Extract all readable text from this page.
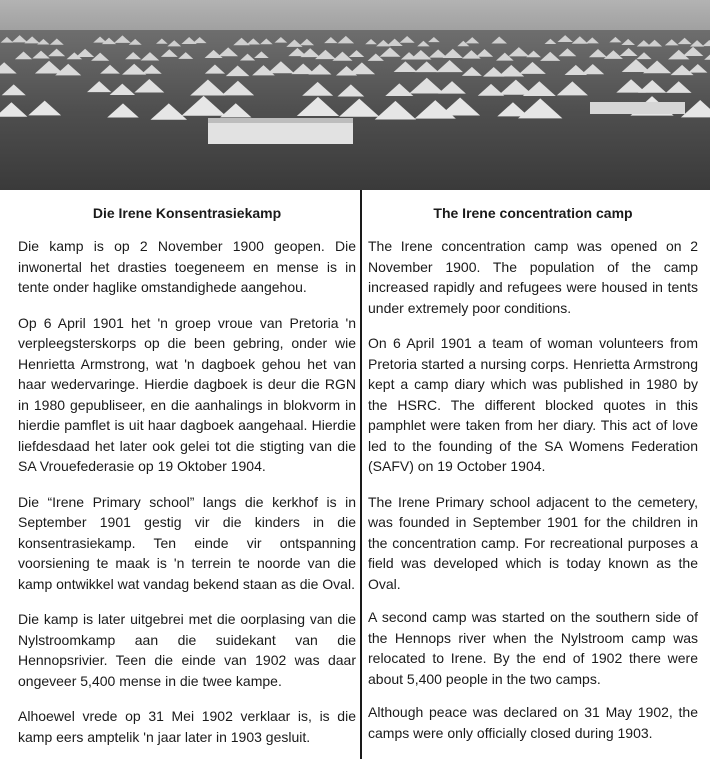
Die Irene Konsentrasiekamp

Die kamp is op 2 November 1900 geopen. Die inwonertal het drasties toegeneem en mense is in tente onder haglike omstandighede aangehou.

Op 6 April 1901 het 'n groep vroue van Pretoria 'n verpleegsterskorps op die been gebring, onder wie Henrietta Armstrong, wat 'n dagboek gehou het van haar wedervaringe. Hierdie dagboek is deur die RGN in 1980 gepubliseer, en die aanhalings in blokvorm in hierdie pamflet is uit haar dagboek aangehaal. Hierdie liefdesdaad het later ook gelei tot die stigting van die SA Vrouefederasie op 19 Oktober 1904.

Die “Irene Primary school” langs die kerkhof is in September 1901 gestig vir die kinders in die konsentrasiekamp. Ten einde vir ontspanning voorsiening te maak is 'n terrein te noorde van die kamp ontwikkel wat vandag bekend staan as die Oval.

Die kamp is later uitgebrei met die oorplasing van die Nylstroomkamp aan die suidekant van die Hennopsrivier. Teen die einde van 1902 was daar ongeveer 5,400 mense in die twee kampe.

Alhoewel vrede op 31 Mei 1902 verklaar is, is die kamp eers amptelik 'n jaar later in 1903 gesluit.

The Irene concentration camp

The Irene concentration camp was opened on 2 November 1900. The population of the camp increased rapidly and refugees were housed in tents under extremely poor conditions.

On 6 April 1901 a team of woman volunteers from Pretoria started a nursing corps. Henrietta Armstrong kept a camp diary which was published in 1980 by the HSRC. The different blocked quotes in this pamphlet were taken from her diary. This act of love led to the founding of the SA Womens Federation (SAFV) on 19 October 1904.

The Irene Primary school adjacent to the cemetery, was founded in September 1901 for the children in the concentration camp. For recreational purposes a field was developed which is today known as the Oval.

A second camp was started on the southern side of the Hennops river when the Nylstroom camp was relocated to Irene. By the end of 1902 there were about 5,400 people in the two camps.

Although peace was declared on 31 May 1902, the camps were only officially closed during 1903.
